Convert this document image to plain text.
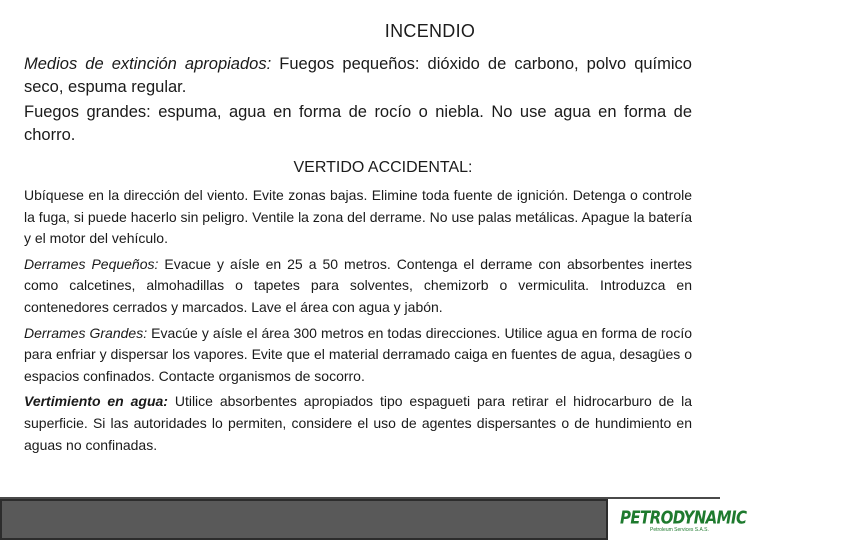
INCENDIO

Medios de extinción apropiados: Fuegos pequeños: dióxido de carbono, polvo químico seco, espuma regular.

Fuegos grandes: espuma, agua en forma de rocío o niebla. No use agua en forma de chorro.

VERTIDO ACCIDENTAL:

Ubíquese en la dirección del viento. Evite zonas bajas. Elimine toda fuente de ignición. Detenga o controle la fuga, si puede hacerlo sin peligro. Ventile la zona del derrame. No use palas metálicas. Apague la batería y el motor del vehículo.

Derrames Pequeños: Evacue y aísle en 25 a 50 metros. Contenga el derrame con absorbentes inertes como calcetines, almohadillas o tapetes para solventes, chemizorb o vermiculita. Introduzca en contenedores cerrados y marcados. Lave el área con agua y jabón.

Derrames Grandes: Evacúe y aísle el área 300 metros en todas direcciones. Utilice agua en forma de rocío para enfriar y dispersar los vapores. Evite que el material derramado caiga en fuentes de agua, desagües o espacios confinados. Contacte organismos de socorro.

Vertimiento en agua: Utilice absorbentes apropiados tipo espagueti para retirar el hidrocarburo de la superficie. Si las autoridades lo permiten, considere el uso de agentes dispersantes o de hundimiento en aguas no confinadas.

PETRODYNAMIC
Petroleum Services S.A.S.
